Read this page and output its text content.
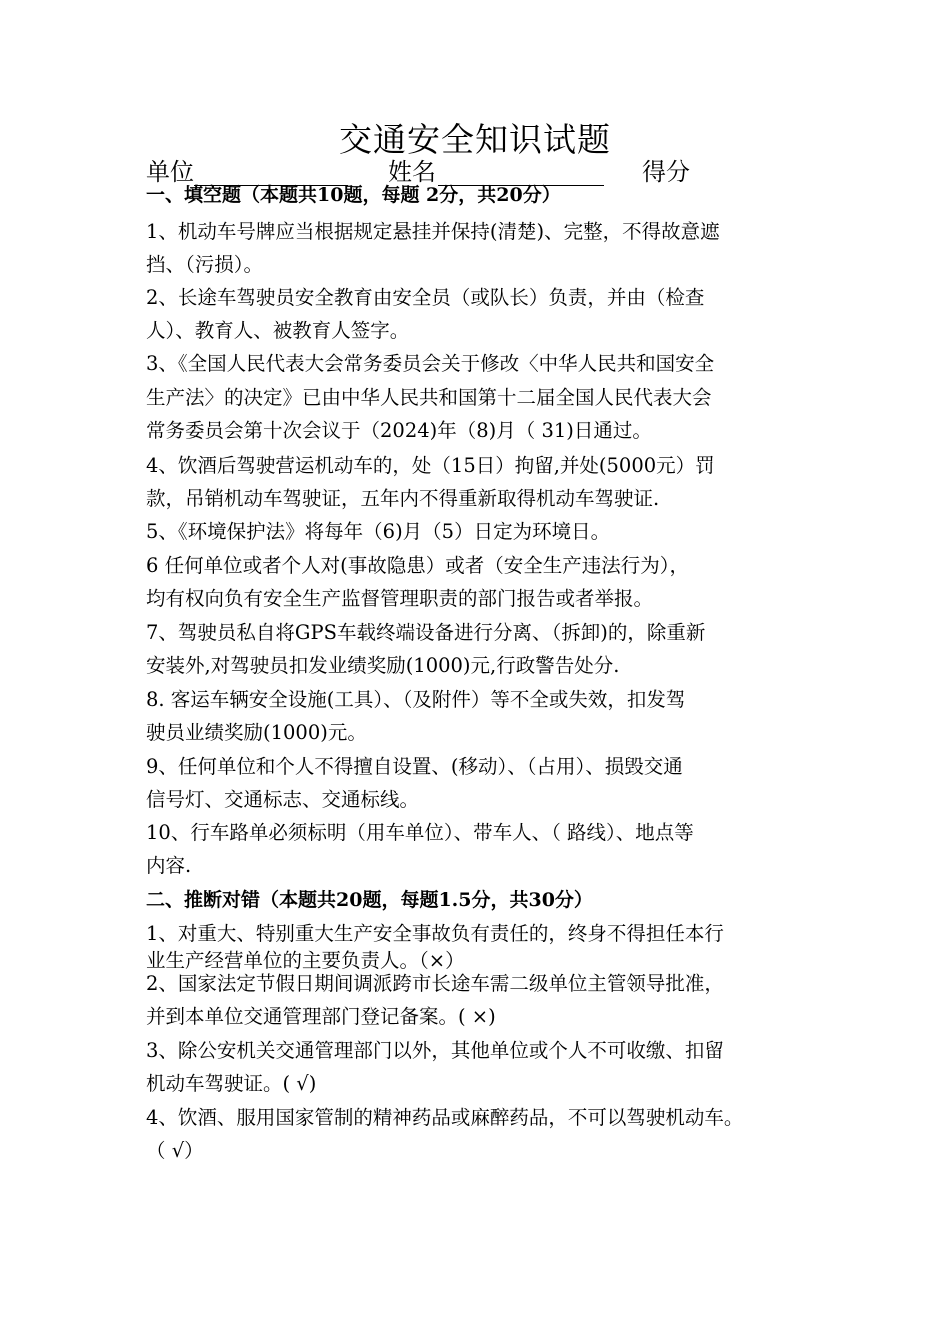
交通安全知识试题
单位	姓名	得分
一、填空题（本题共10题，每题 2分，共20分）
1、机动车号牌应当根据规定悬挂并保持(清楚)、完整，不得故意遮
挡、（污损）。
2、长途车驾驶员安全教育由安全员（或队长）负责，并由（检查
人）、教育人、被教育人签字。
3、《全国人民代表大会常务委员会关于修改〈中华人民共和国安全
生产法〉的决定》已由中华人民共和国第十二届全国人民代表大会
常务委员会第十次会议于（2024)年（8)月（ 31)日通过。
4、饮酒后驾驶营运机动车的，处（15日）拘留,并处(5000元）罚
款，吊销机动车驾驶证，五年内不得重新取得机动车驾驶证.
5、《环境保护法》将每年（6)月（5）日定为环境日。
6 任何单位或者个人对(事故隐患）或者（安全生产违法行为），
均有权向负有安全生产监督管理职责的部门报告或者举报。
7、驾驶员私自将GPS车载终端设备进行分离、（拆卸)的，除重新
安装外,对驾驶员扣发业绩奖励(1000)元,行政警告处分.
8. 客运车辆安全设施(工具）、（及附件）等不全或失效，扣发驾
驶员业绩奖励(1000)元。
9、任何单位和个人不得擅自设置、(移动）、（占用）、损毁交通
信号灯、交通标志、交通标线。
10、行车路单必须标明（用车单位）、带车人、（ 路线）、地点等
内容.
二、推断对错（本题共20题，每题1.5分，共30分）
1、对重大、特别重大生产安全事故负有责任的，终身不得担任本行
业生产经营单位的主要负责人。（×）
2、国家法定节假日期间调派跨市长途车需二级单位主管领导批准，
并到本单位交通管理部门登记备案。( ×)
3、除公安机关交通管理部门以外，其他单位或个人不可收缴、扣留
机动车驾驶证。( √)
4、饮酒、服用国家管制的精神药品或麻醉药品，不可以驾驶机动车。
（ √）
